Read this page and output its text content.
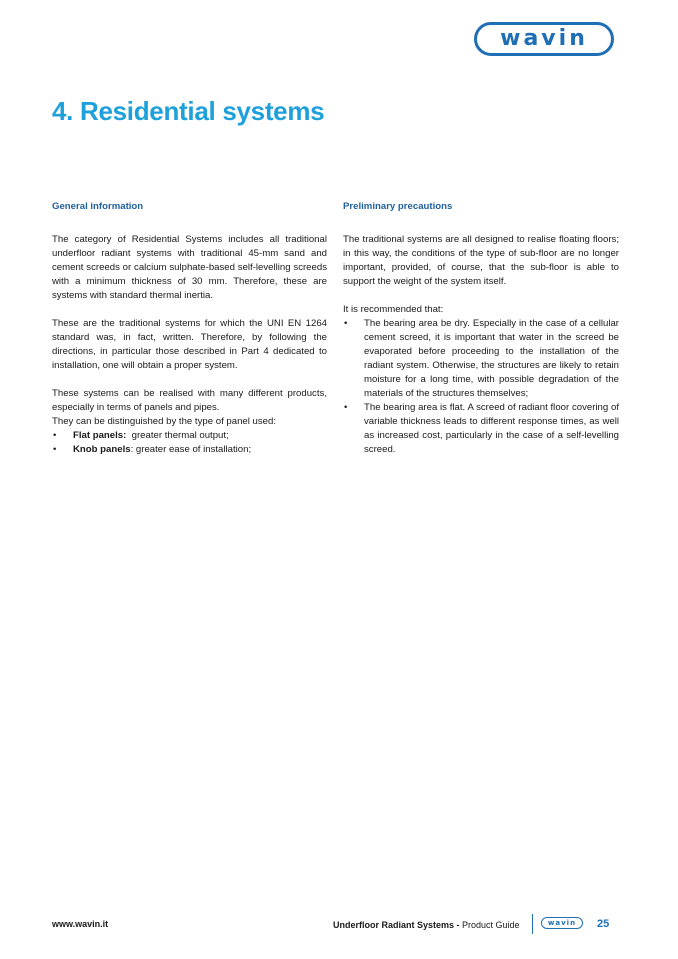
wavin
4. Residential systems
General information

The category of Residential Systems includes all traditional underfloor radiant systems with traditional 45-mm sand and cement screeds or calcium sulphate-based self-levelling screeds with a minimum thickness of 30 mm. Therefore, these are systems with standard thermal inertia.

These are the traditional systems for which the UNI EN 1264 standard was, in fact, written. Therefore, by following the directions, in particular those described in Part 4 dedicated to installation, one will obtain a proper system.

These systems can be realised with many different products, especially in terms of panels and pipes.

They can be distinguished by the type of panel used:

• Flat panels:  greater thermal output;
• Knob panels: greater ease of installation;
Preliminary precautions

The traditional systems are all designed to realise floating floors; in this way, the conditions of the type of sub-floor are no longer important, provided, of course, that the sub-floor is able to support the weight of the system itself.

It is recommended that:

• The bearing area be dry. Especially in the case of a cellular cement screed, it is important that water in the screed be evaporated before proceeding to the installation of the radiant system. Otherwise, the structures are likely to retain moisture for a long time, with possible degradation of the materials of the structures themselves;
• The bearing area is flat. A screed of radiant floor covering of variable thickness leads to different response times, as well as increased cost, particularly in the case of a self-levelling screed.
www.wavin.it	Underfloor Radiant Systems - Product Guide	wavin 25
